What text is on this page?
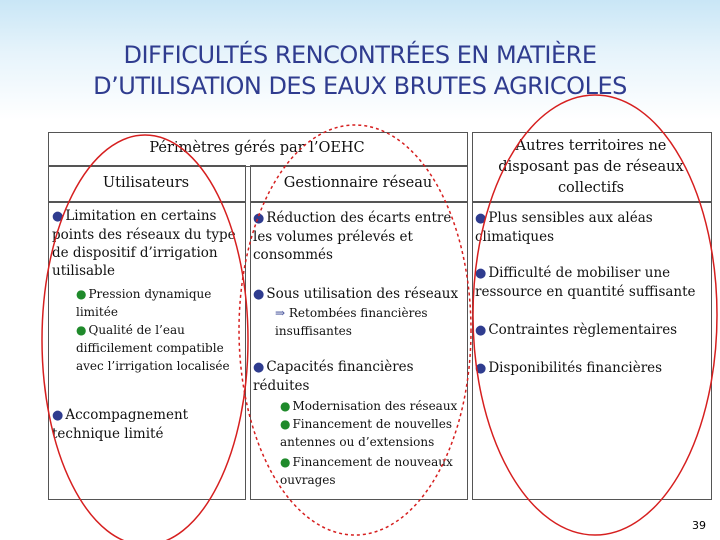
DIFFICULTÉS RENCONTRÉES EN MATIÈRE
D’UTILISATION DES EAUX BRUTES AGRICOLES
Périmètres gérés par l’OEHC
Utilisateurs	Gestionnaire réseau
Autres territoires ne disposant pas de réseaux collectifs
● Limitation en certains points des réseaux du type de dispositif d’irrigation utilisable
● Pression dynamique limitée
● Qualité de l’eau difficilement compatible avec l’irrigation localisée
● Accompagnement technique limité
● Réduction des écarts entre les volumes prélevés et consommés
● Sous utilisation des réseaux
⇒ Retombées financières insuffisantes
● Capacités financières réduites
● Modernisation des réseaux
● Financement de nouvelles antennes ou d’extensions
● Financement de nouveaux ouvrages
● Plus sensibles aux aléas climatiques
● Difficulté de mobiliser une ressource en quantité suffisante
● Contraintes règlementaires
● Disponibilités financières
39
